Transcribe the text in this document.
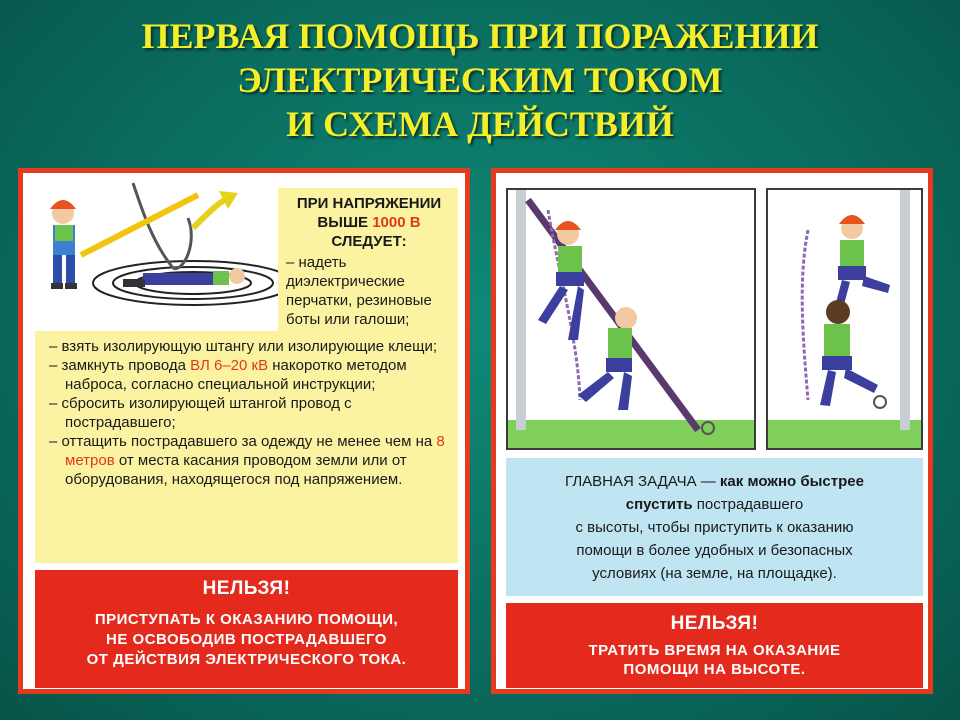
ПЕРВАЯ ПОМОЩЬ ПРИ ПОРАЖЕНИИ
ЭЛЕКТРИЧЕСКИМ ТОКОМ
И СХЕМА ДЕЙСТВИЙ
ПРИ НАПРЯЖЕНИИ
ВЫШЕ 1000 В
СЛЕДУЕТ:
– надеть диэлектрические перчатки, резиновые боты или галоши;

– взять изолирующую штангу или изолирующие клещи;

– замкнуть провода ВЛ 6–20 кВ накоротко методом наброса, согласно специальной инструкции;

– сбросить изолирующей штангой провод с пострадавшего;

– оттащить пострадавшего за одежду не менее чем на 8 метров от места касания проводом земли или от оборудования, находящегося под напряжением.

НЕЛЬЗЯ!
ПРИСТУПАТЬ К ОКАЗАНИЮ ПОМОЩИ,
НЕ ОСВОБОДИВ ПОСТРАДАВШЕГО
ОТ ДЕЙСТВИЯ ЭЛЕКТРИЧЕСКОГО ТОКА.
ГЛАВНАЯ ЗАДАЧА — как можно быстрее
спустить пострадавшего
с высоты, чтобы приступить к оказанию
помощи в более удобных и безопасных
условиях (на земле, на площадке).
НЕЛЬЗЯ!
ТРАТИТЬ ВРЕМЯ НА ОКАЗАНИЕ
ПОМОЩИ НА ВЫСОТЕ.
